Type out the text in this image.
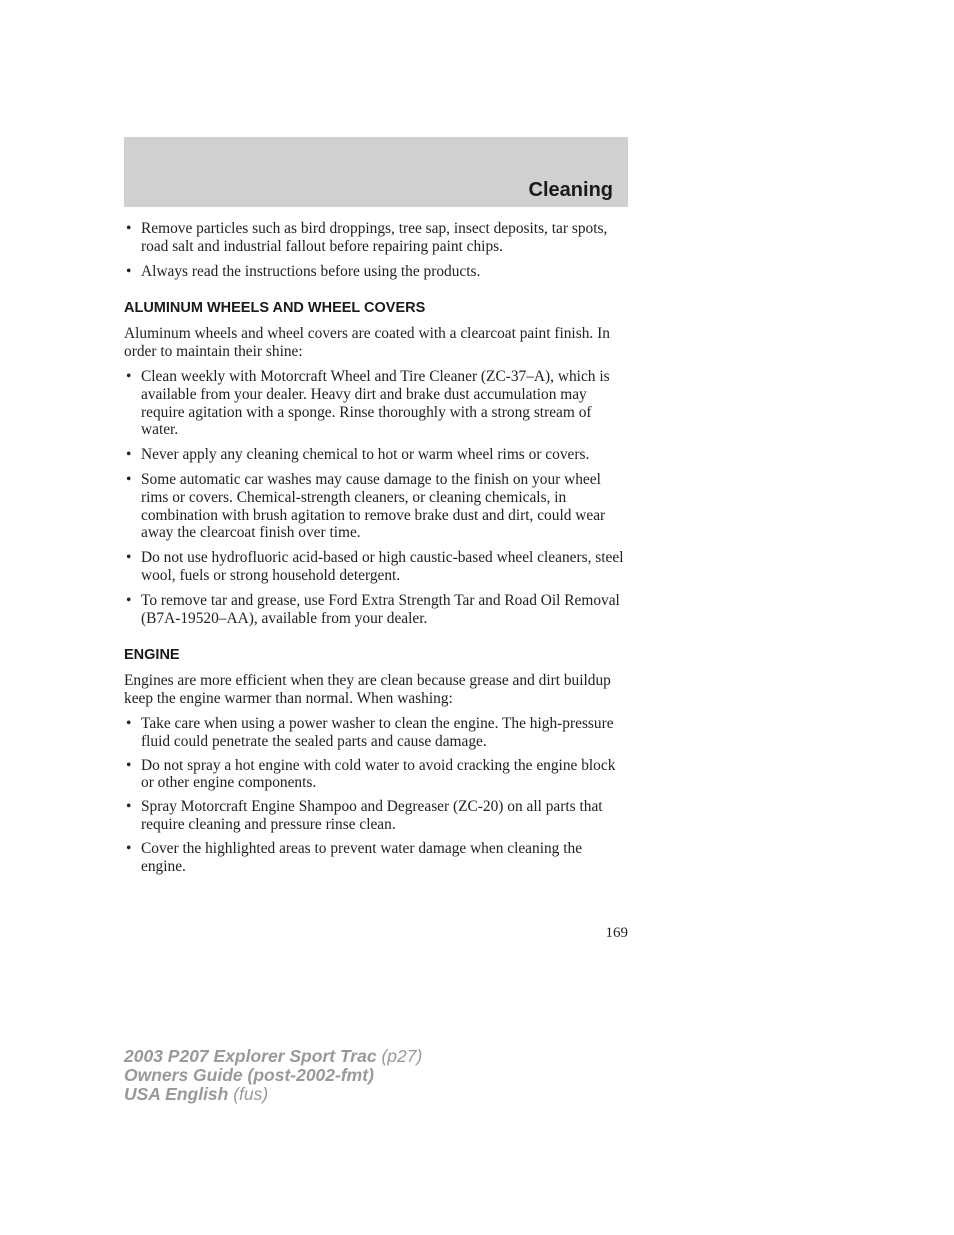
Cleaning
• Remove particles such as bird droppings, tree sap, insect deposits, tar spots, road salt and industrial fallout before repairing paint chips.
• Always read the instructions before using the products.
ALUMINUM WHEELS AND WHEEL COVERS

Aluminum wheels and wheel covers are coated with a clearcoat paint finish. In order to maintain their shine:

• Clean weekly with Motorcraft Wheel and Tire Cleaner (ZC-37–A), which is available from your dealer. Heavy dirt and brake dust accumulation may require agitation with a sponge. Rinse thoroughly with a strong stream of water.
• Never apply any cleaning chemical to hot or warm wheel rims or covers.
• Some automatic car washes may cause damage to the finish on your wheel rims or covers. Chemical-strength cleaners, or cleaning chemicals, in combination with brush agitation to remove brake dust and dirt, could wear away the clearcoat finish over time.
• Do not use hydrofluoric acid-based or high caustic-based wheel cleaners, steel wool, fuels or strong household detergent.
• To remove tar and grease, use Ford Extra Strength Tar and Road Oil Removal (B7A-19520–AA), available from your dealer.
ENGINE

Engines are more efficient when they are clean because grease and dirt buildup keep the engine warmer than normal. When washing:

• Take care when using a power washer to clean the engine. The high-pressure fluid could penetrate the sealed parts and cause damage.
• Do not spray a hot engine with cold water to avoid cracking the engine block or other engine components.
• Spray Motorcraft Engine Shampoo and Degreaser (ZC-20) on all parts that require cleaning and pressure rinse clean.
• Cover the highlighted areas to prevent water damage when cleaning the engine.
169
2003 P207 Explorer Sport Trac (p27)
Owners Guide (post-2002-fmt)
USA English (fus)
